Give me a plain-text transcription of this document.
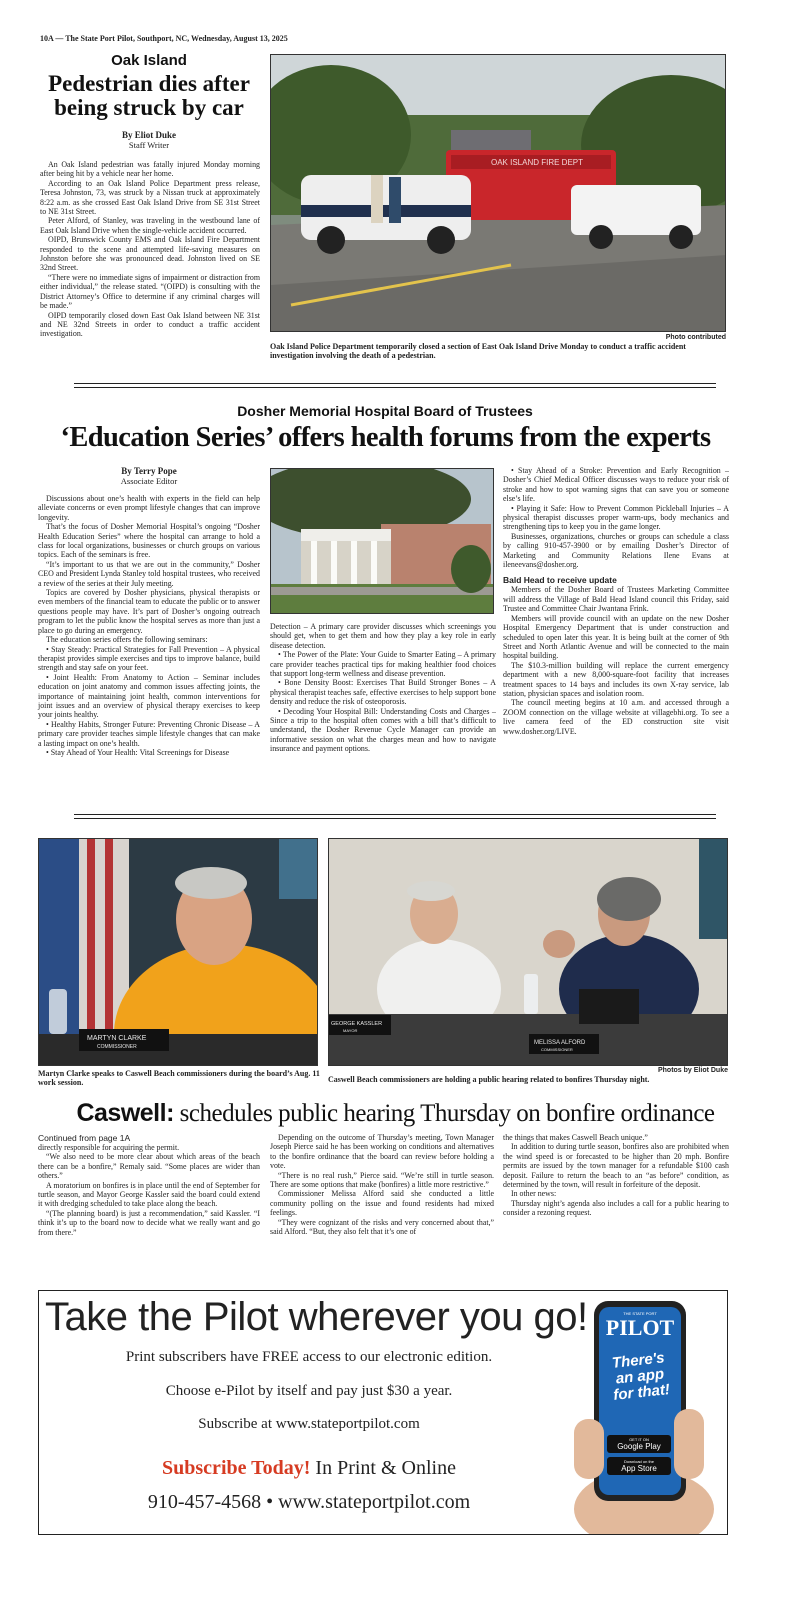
10A — The State Port Pilot, Southport, NC, Wednesday, August 13, 2025
Oak Island
Pedestrian dies after being struck by car
By Eliot Duke
Staff Writer

An Oak Island pedestrian was fatally injured Monday morning after being hit by a vehicle near her home.

According to an Oak Island Police Department press release, Teresa Johnston, 73, was struck by a Nissan truck at approximately 8:22 a.m. as she crossed East Oak Island Drive from SE 31st Street to NE 31st Street.

Peter Alford, of Stanley, was traveling in the westbound lane of East Oak Island Drive when the single-vehicle accident occurred.

OIPD, Brunswick County EMS and Oak Island Fire Department responded to the scene and attempted life-saving measures on Johnston before she was pronounced dead. Johnston lived on SE 32nd Street.

“There were no immediate signs of impairment or distraction from either individual,” the release stated. “(OIPD) is consulting with the District Attorney’s Office to determine if any criminal charges will be made.”

OIPD temporarily closed down East Oak Island between NE 31st and NE 32nd Streets in order to conduct a traffic accident investigation.

OAK ISLAND FIRE DEPT
Photo contributed
Oak Island Police Department temporarily closed a section of East Oak Island Drive Monday to conduct a traffic accident investigation involving the death of a pedestrian.
Dosher Memorial Hospital Board of Trustees
‘Education Series’ offers health forums from the experts
By Terry Pope
Associate Editor

Discussions about one’s health with experts in the field can help alleviate concerns or even prompt lifestyle changes that can improve longevity.

That’s the focus of Dosher Memorial Hospital’s ongoing “Dosher Health Education Series” where the hospital can arrange to hold a class for local organizations, businesses or church groups on various topics. Each of the seminars is free.

“It’s important to us that we are out in the community,” Dosher CEO and President Lynda Stanley told hospital trustees, who received a review of the series at their July meeting.

Topics are covered by Dosher physicians, physical therapists or even members of the financial team to educate the public or to answer questions people may have. It’s part of Dosher’s ongoing outreach program to let the public know the hospital serves as more than just a place to go during an emergency.

The education series offers the following seminars:

• Stay Steady: Practical Strategies for Fall Prevention – A physical therapist provides simple exercises and tips to improve balance, build strength and stay safe on your feet.

• Joint Health: From Anatomy to Action – Seminar includes education on joint anatomy and common issues affecting joints, the importance of maintaining joint health, common interventions for joint issues and an overview of physical therapy exercises to keep your joints healthy.

• Healthy Habits, Stronger Future: Preventing Chronic Disease – A primary care provider teaches simple lifestyle changes that can make a lasting impact on one’s health.

• Stay Ahead of Your Health: Vital Screenings for Disease

Detection – A primary care provider discusses which screenings you should get, when to get them and how they play a key role in early disease detection.

• The Power of the Plate: Your Guide to Smarter Eating – A primary care provider teaches practical tips for making healthier food choices that support long-term wellness and disease prevention.

• Bone Density Boost: Exercises That Build Stronger Bones – A physical therapist teaches safe, effective exercises to help support bone density and reduce the risk of osteoporosis.

• Decoding Your Hospital Bill: Understanding Costs and Charges – Since a trip to the hospital often comes with a bill that’s difficult to understand, the Dosher Revenue Cycle Manager can provide an informative session on what the charges mean and how to navigate insurance and payment options.

• Stay Ahead of a Stroke: Prevention and Early Recognition – Dosher’s Chief Medical Officer discusses ways to reduce your risk of stroke and how to spot warning signs that can save you or someone else’s life.

• Playing it Safe: How to Prevent Common Pickleball Injuries – A physical therapist discusses proper warm-ups, body mechanics and strengthening tips to keep you in the game longer.

Businesses, organizations, churches or groups can schedule a class by calling 910-457-3900 or by emailing Dosher’s Director of Marketing and Community Relations Ilene Evans at ileneevans@dosher.org.

Bald Head to receive update

Members of the Dosher Board of Trustees Marketing Committee will address the Village of Bald Head Island council this Friday, said Trustee and Committee Chair Jwantana Frink.

Members will provide council with an update on the new Dosher Hospital Emergency Department that is under construction and scheduled to open later this year. It is being built at the corner of 9th Street and North Atlantic Avenue and will be connected to the main hospital building.

The $10.3-million building will replace the current emergency department with a new 8,000-square-foot facility that increases treatment spaces to 14 bays and includes its own X-ray service, lab station, physician spaces and isolation room.

The council meeting begins at 10 a.m. and accessed through a ZOOM connection on the village website at villagebhi.org. To see a live camera feed of the ED construction site visit www.dosher.org/LIVE.

MARTYN CLARKE
COMMISSIONER
Martyn Clarke speaks to Caswell Beach commissioners during the board’s Aug. 11 work session.
MELISSA ALFORD
COMMISSIONER
GEORGE KASSLER
MAYOR
Photos by Eliot Duke
Caswell Beach commissioners are holding a public hearing related to bonfires Thursday night.
Caswell: schedules public hearing Thursday on bonfire ordinance
Continued from page 1A

directly responsible for acquiring the permit.

“We also need to be more clear about which areas of the beach there can be a bonfire,” Remaly said. “Some places are wider than others.”

A moratorium on bonfires is in place until the end of September for turtle season, and Mayor George Kassler said the board could extend it with dredging scheduled to take place along the beach.

“(The planning board) is just a recommendation,” said Kassler. “I think it’s up to the board now to decide what we really want and go from there.”

Depending on the outcome of Thursday’s meeting, Town Manager Joseph Pierce said he has been working on conditions and alternatives to the bonfire ordinance that the board can review before holding a vote.

“There is no real rush,” Pierce said. “We’re still in turtle season. There are some options that make (bonfires) a little more restrictive.”

Commissioner Melissa Alford said she conducted a little community polling on the issue and found residents had mixed feelings.

“They were cognizant of the risks and very concerned about that,” said Alford. “But, they also felt that it’s one of

the things that makes Caswell Beach unique.”

In addition to during turtle season, bonfires also are prohibited when the wind speed is or forecasted to be higher than 20 mph. Bonfire permits are issued by the town manager for a refundable $100 cash deposit. Failure to return the beach to an “as before” condition, as determined by the town, will result in forfeiture of the deposit.

In other news:

Thursday night’s agenda also includes a call for a public hearing to consider a rezoning request.

Take the Pilot wherever you go!
Print subscribers have FREE access to our electronic edition.
Choose e-Pilot by itself and pay just $30 a year.
Subscribe at www.stateportpilot.com
Subscribe Today! In Print & Online
910-457-4568 • www.stateportpilot.com
THE STATE PORT
PILOT
There's an app for that!
GET IT ON
Google Play
Download on the
App Store
